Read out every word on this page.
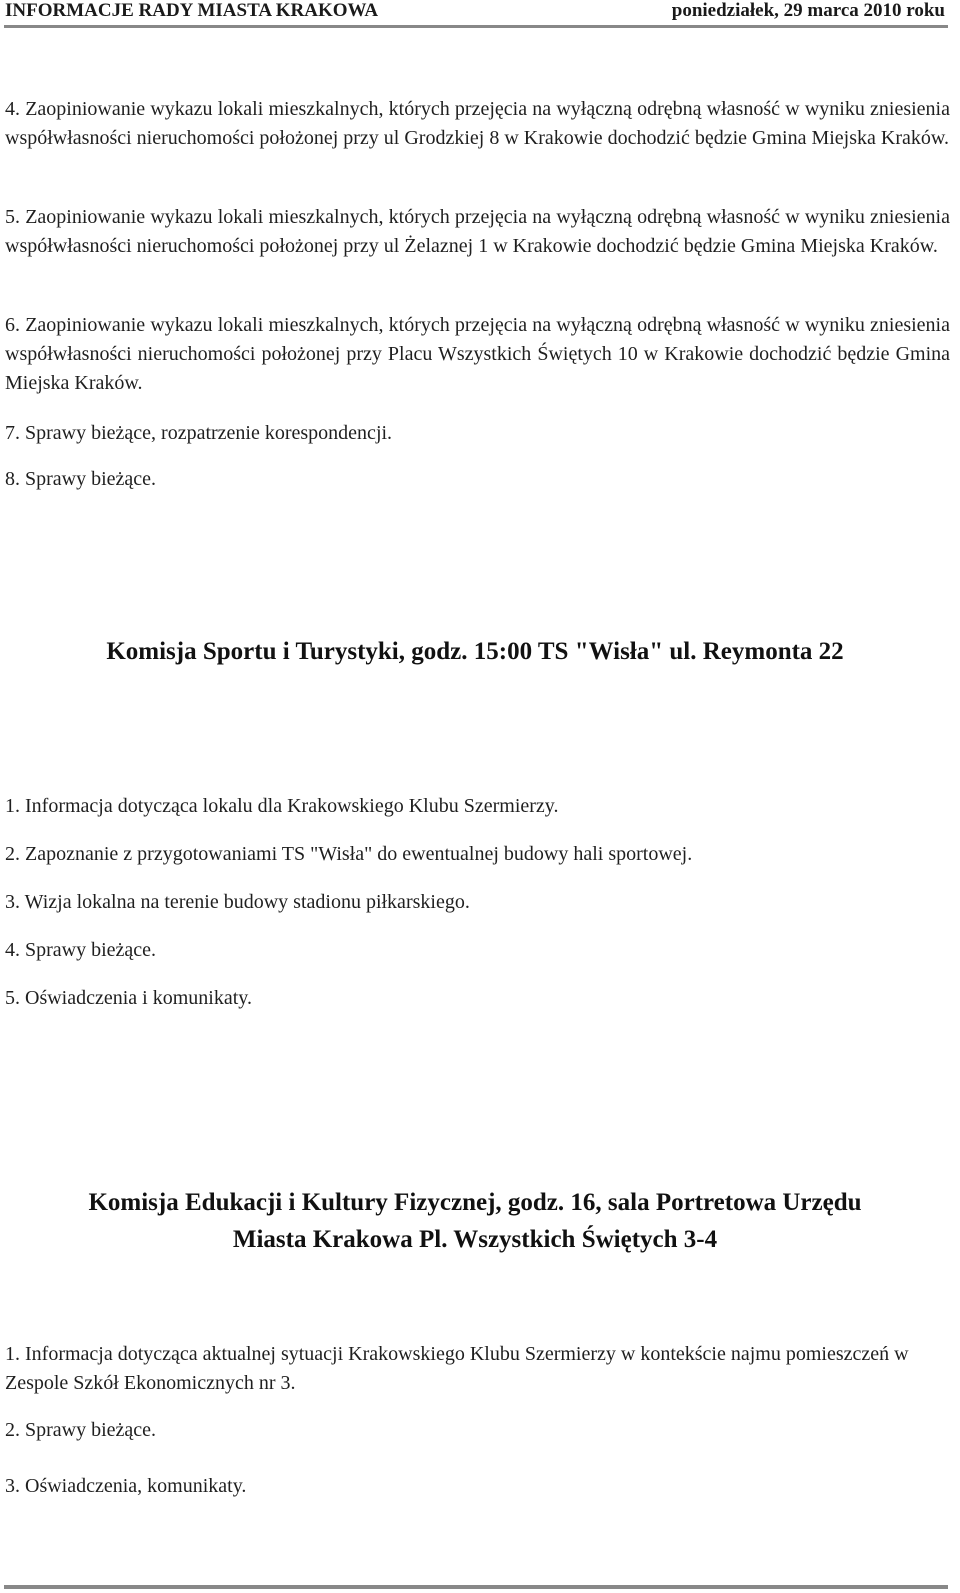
INFORMACJE RADY MIASTA KRAKOWA	poniedziałek, 29 marca 2010 roku
4. Zaopiniowanie wykazu lokali mieszkalnych, których przejęcia na wyłączną odrębną własność w wyniku zniesienia współwłasności nieruchomości położonej przy ul Grodzkiej 8 w Krakowie dochodzić będzie Gmina Miejska Kraków.
5. Zaopiniowanie wykazu lokali mieszkalnych, których przejęcia na wyłączną odrębną własność w wyniku zniesienia współwłasności nieruchomości położonej przy ul Żelaznej 1 w Krakowie dochodzić będzie Gmina Miejska Kraków.
6. Zaopiniowanie wykazu lokali mieszkalnych, których przejęcia na wyłączną odrębną własność w wyniku zniesienia współwłasności nieruchomości położonej przy Placu Wszystkich Świętych 10 w Krakowie dochodzić będzie Gmina Miejska Kraków.
7. Sprawy bieżące, rozpatrzenie korespondencji.
8. Sprawy bieżące.
Komisja Sportu i Turystyki, godz. 15:00 TS "Wisła" ul. Reymonta 22
1. Informacja dotycząca lokalu dla Krakowskiego Klubu Szermierzy.
2. Zapoznanie z przygotowaniami TS "Wisła" do ewentualnej budowy hali sportowej.
3. Wizja lokalna na terenie budowy stadionu piłkarskiego.
4. Sprawy bieżące.
5. Oświadczenia i komunikaty.
Komisja Edukacji i Kultury Fizycznej, godz. 16, sala Portretowa Urzędu
Miasta Krakowa Pl. Wszystkich Świętych 3-4
1. Informacja dotycząca aktualnej sytuacji Krakowskiego Klubu Szermierzy w kontekście najmu pomieszczeń w Zespole Szkół Ekonomicznych nr 3.
2. Sprawy bieżące.
3. Oświadczenia, komunikaty.
